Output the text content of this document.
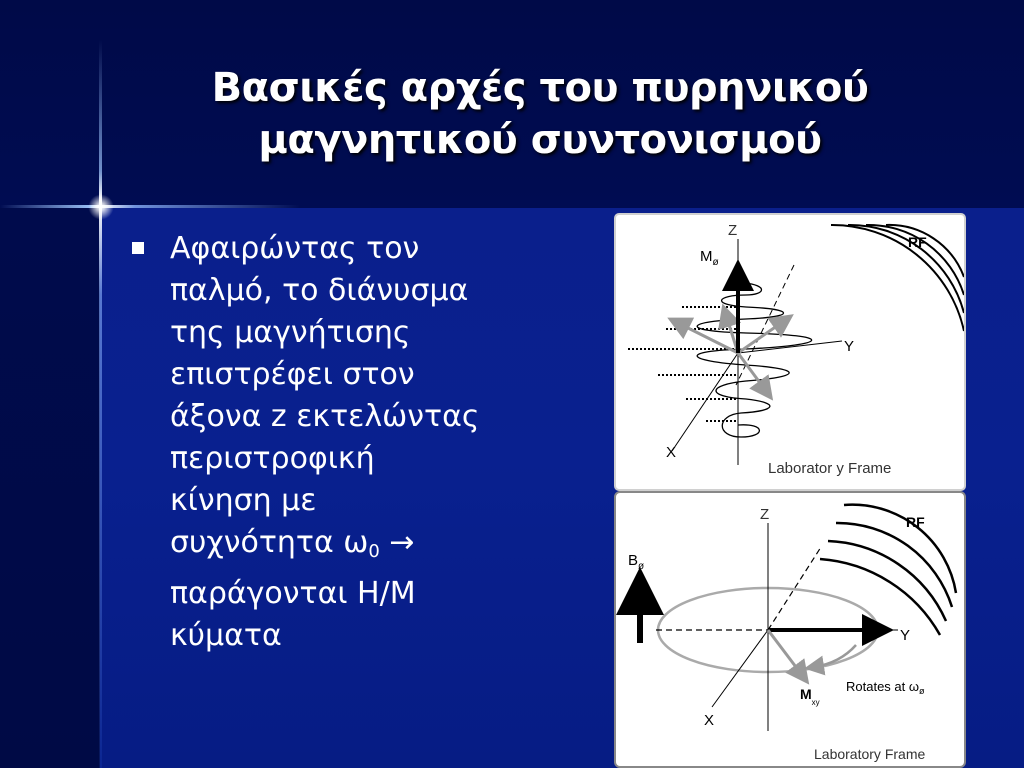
Βασικές αρχές του πυρηνικού
μαγνητικού συντονισμού
Αφαιρώντας τον
παλμό, το διάνυσμα
της μαγνήτισης
επιστρέφει στον
άξονα z εκτελώντας
περιστροφική
κίνηση με
συχνότητα $\omega_0$ →
παράγονται Η/Μ
κύματα
Z
$M_ø$
RF
Y
X
Laborator y Frame
Z
$B_ø$
RF
Y
X
$M_{xy}$
Rotates at $\omega_ø$
Laboratory Frame
